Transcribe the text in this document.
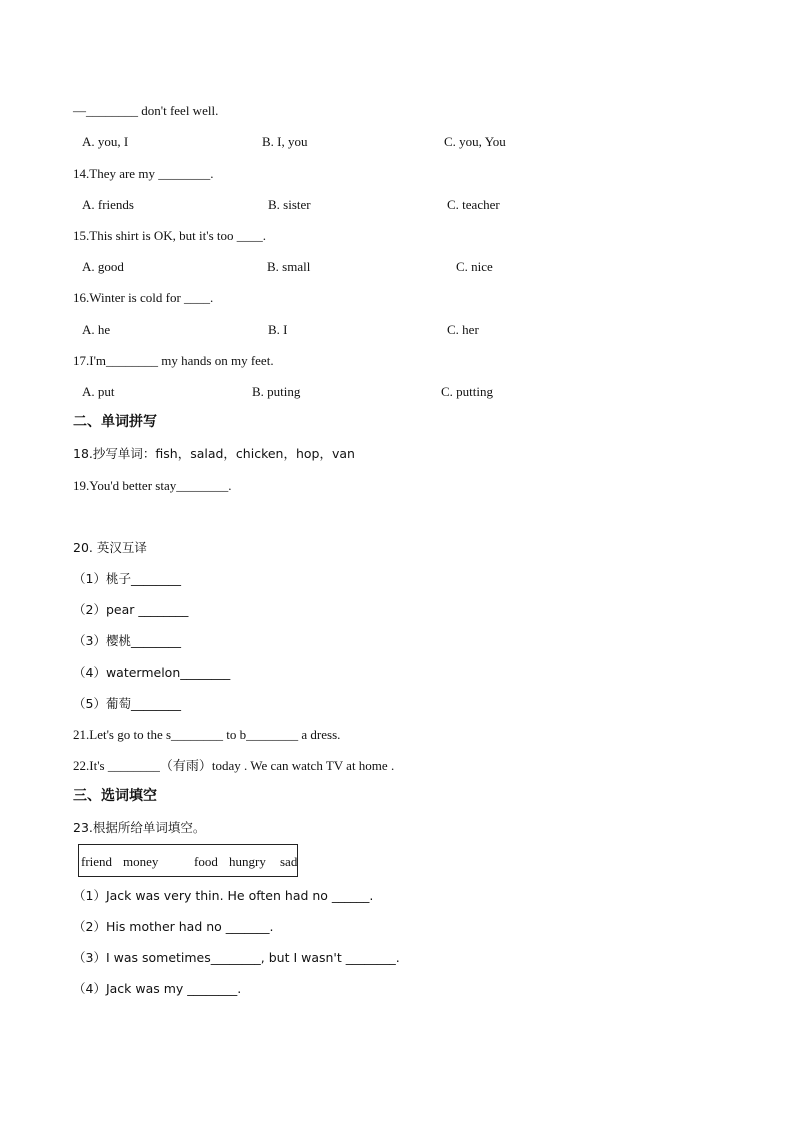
—________ don't feel well.
A. you, I	B. I, you	C. you, You
14.They are my ________.
A. friends	B. sister	C. teacher
15.This shirt is OK, but it's too ____.
A. good	B. small	C. nice
16.Winter is cold for ____.
A. he	B. I	C. her
17.I'm________ my hands on my feet.
A. put	B. puting	C. putting
二、单词拼写
18.抄写单词：fish，salad，chicken，hop，van
19.You'd better stay________.
20. 英汉互译
（1）桃子________
（2）pear ________
（3）樱桃________
（4）watermelon________
（5）葡萄________
21.Let's go to the s________ to b________ a dress.
22.It's ________（有雨）today . We can watch TV at home .
三、选词填空
23.根据所给单词填空。
friend money	food hungry sad
（1）Jack was very thin. He often had no ______.
（2）His mother had no _______.
（3）I was sometimes________, but I wasn't ________.
（4）Jack was my ________.
